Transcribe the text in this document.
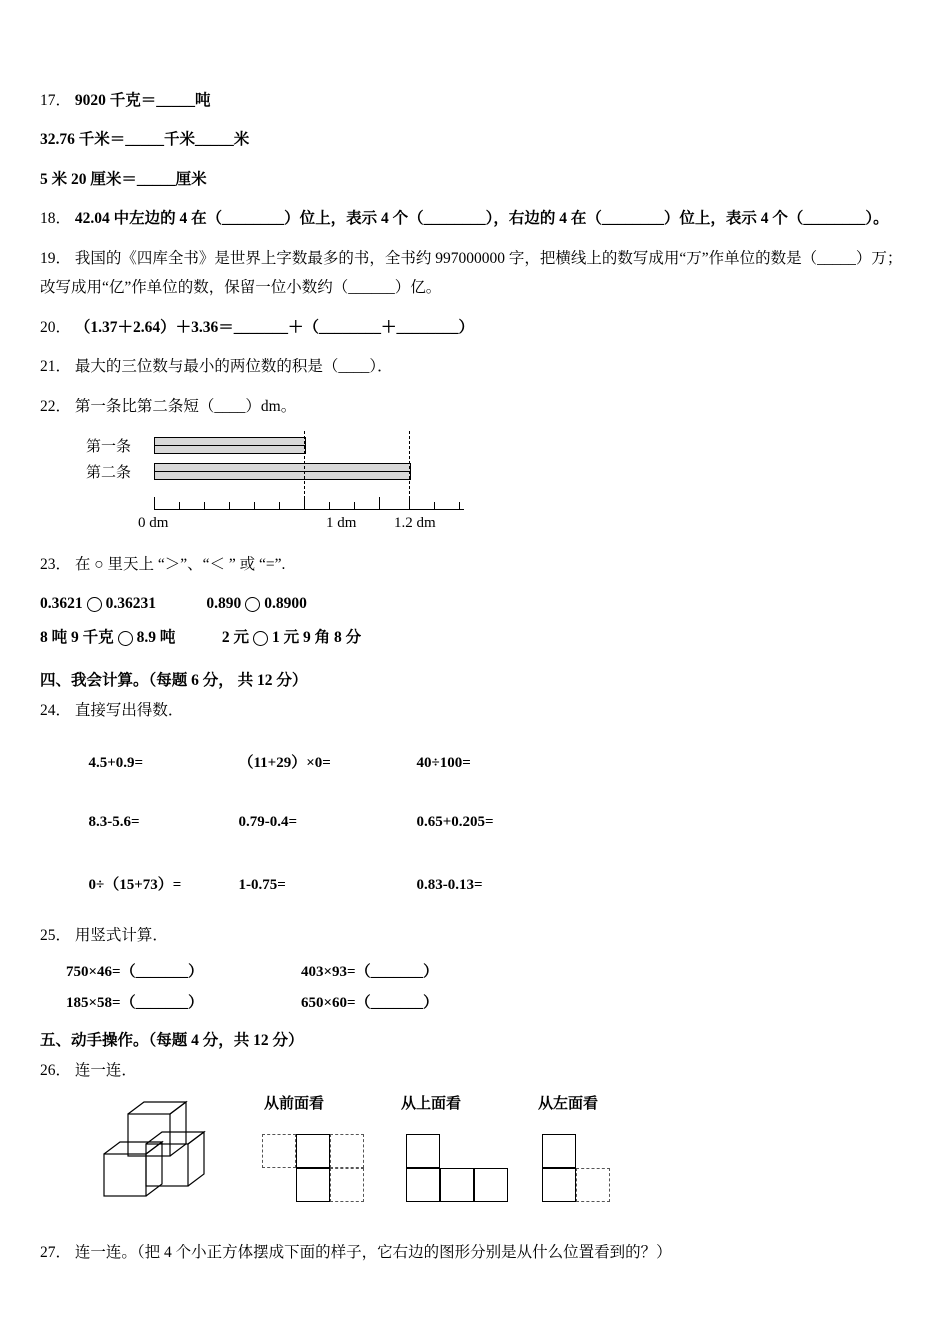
17． 9020 千克＝_____吨
32.76 千米＝_____千米_____米
5 米 20 厘米＝_____厘米
18． 42.04 中左边的 4 在（________）位上，表示 4 个（________），右边的 4 在（________）位上，表示 4 个（________）。
19． 我国的《四库全书》是世界上字数最多的书，全书约 997000000 字，把横线上的数写成用“万”作单位的数是（_____）万；改写成用“亿”作单位的数，保留一位小数约（______）亿。
20． （1.37＋2.64）＋3.36＝_______＋（________＋________）
21． 最大的三位数与最小的两位数的积是（____）．
22． 第一条比第二条短（____）dm。
第一条
第二条
0 dm	1 dm	1.2 dm
23． 在 ○ 里天上 “＞”、“＜ ” 或 “=”.
0.3621 0.36231	0.890 0.8900
8 吨 9 千克 8.9 吨	2 元 1 元 9 角 8 分
四、我会计算。（每题 6 分， 共 12 分）
24． 直接写出得数．

4.5+0.9=	（11+29）×0=	40÷100=

8.3-5.6=	0.79-0.4=	0.65+0.205=

0÷（15+73）=	1-0.75=	0.83-0.13=

25． 用竖式计算．
750×46=（_______）	403×93=（_______）
185×58=（_______）	650×60=（_______）
五、动手操作。（每题 4 分，共 12 分）
26． 连一连．
从前面看	从上面看	从左面看
27． 连一连。（把 4 个小正方体摆成下面的样子，它右边的图形分别是从什么位置看到的？）
